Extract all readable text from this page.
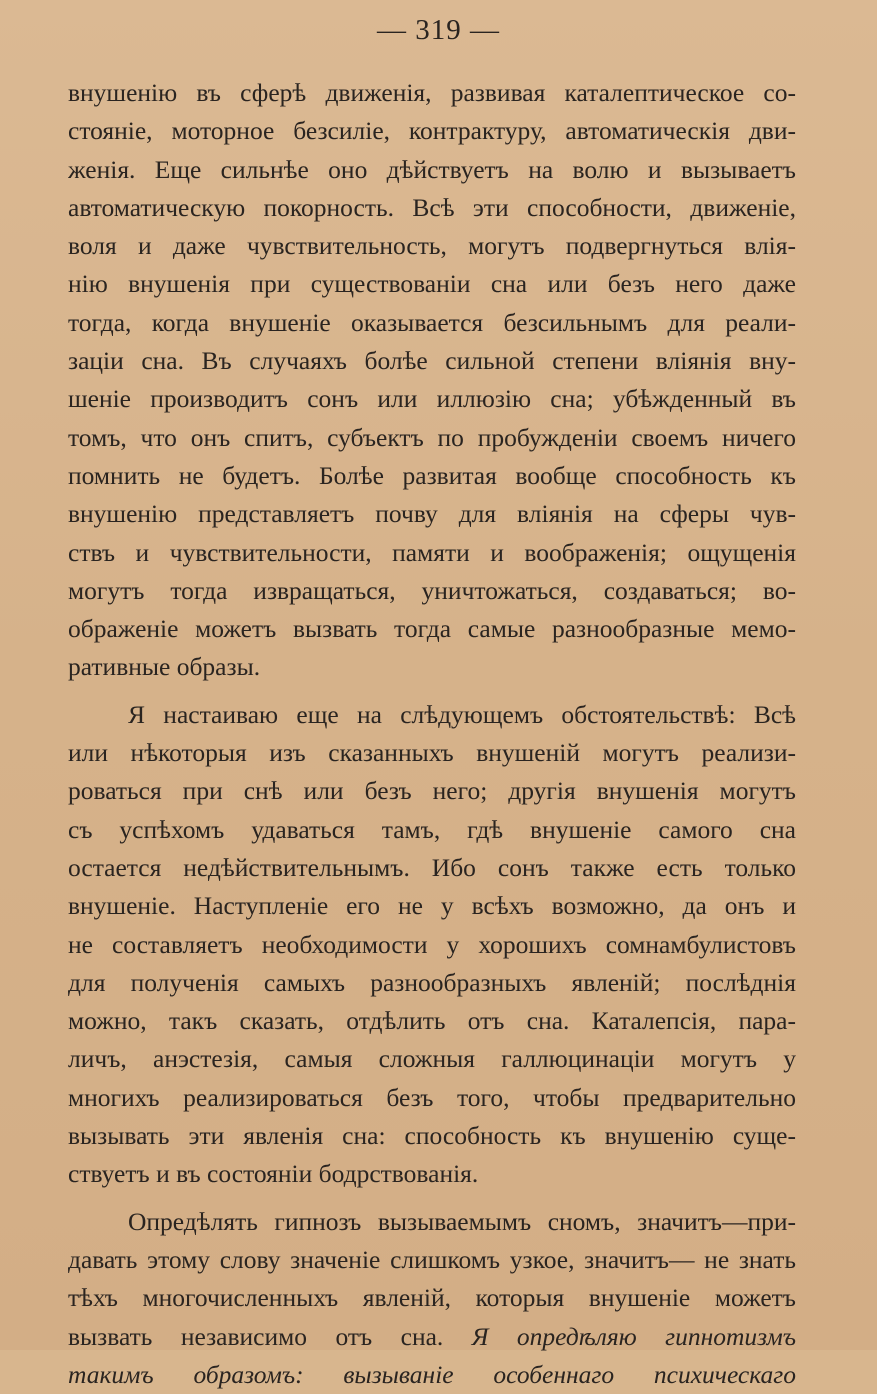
— 319 —
внушенію въ сферѣ движенія, развивая каталептическое со-
стояніе, моторное безсиліе, контрактуру, автоматическія дви-
женія. Еще сильнѣе оно дѣйствуетъ на волю и вызываетъ
автоматическую покорность. Всѣ эти способности, движеніе,
воля и даже чувствительность, могутъ подвергнуться влія-
нію внушенія при существованіи сна или безъ него даже
тогда, когда внушеніе оказывается безсильнымъ для реали-
заціи сна. Въ случаяхъ болѣе сильной степени вліянія вну-
шеніе производитъ сонъ или иллюзію сна; убѣжденный въ
томъ, что онъ спитъ, субъектъ по пробужденіи своемъ ничего
помнить не будетъ. Болѣе развитая вообще способность къ
внушенію представляетъ почву для вліянія на сферы чув-
ствъ и чувствительности, памяти и воображенія; ощущенія
могутъ тогда извращаться, уничтожаться, создаваться; во-
ображеніе можетъ вызвать тогда самые разнообразные мемо-
ративные образы.
Я настаиваю еще на слѣдующемъ обстоятельствѣ: Всѣ
или нѣкоторыя изъ сказанныхъ внушеній могутъ реализи-
роваться при снѣ или безъ него; другія внушенія могутъ
съ успѣхомъ удаваться тамъ, гдѣ внушеніе самого сна
остается недѣйствительнымъ. Ибо сонъ также есть только
внушеніе. Наступленіе его не у всѣхъ возможно, да онъ и
не составляетъ необходимости у хорошихъ сомнамбулистовъ
для полученія самыхъ разнообразныхъ явленій; послѣднія
можно, такъ сказать, отдѣлить отъ сна. Каталепсія, пара-
личъ, анэстезія, самыя сложныя галлюцинаціи могутъ у
многихъ реализироваться безъ того, чтобы предварительно
вызывать эти явленія сна: способность къ внушенію суще-
ствуетъ и въ состояніи бодрствованія.
Опредѣлять гипнозъ вызываемымъ сномъ, значитъ—при-
давать этому слову значеніе слишкомъ узкое, значитъ— не знать
тѣхъ многочисленныхъ явленій, которыя внушеніе можетъ
вызвать независимо отъ сна. Я опредѣляю гипнотизмъ
такимъ образомъ: вызываніе особеннаго психическаго
